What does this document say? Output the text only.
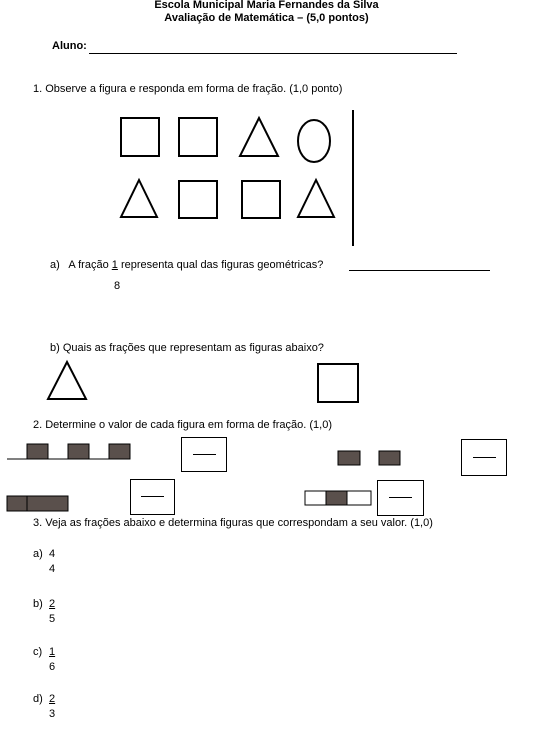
Escola Municipal Maria Fernandes da Silva
Avaliação de Matemática – (5,0 pontos)
Aluno:
1. Observe a figura e responda em forma de fração. (1,0 ponto)
a)   A fração 1 representa qual das figuras geométricas?
8
b) Quais as frações que representam as figuras abaixo?
2. Determine o valor de cada figura em forma de fração. (1,0)
3. Veja as frações abaixo e determina figuras que correspondam a seu valor. (1,0)
a) 4
4
$b) \frac{2}{5}$
$c) \frac{1}{6}$
$d) \frac{2}{3}$
